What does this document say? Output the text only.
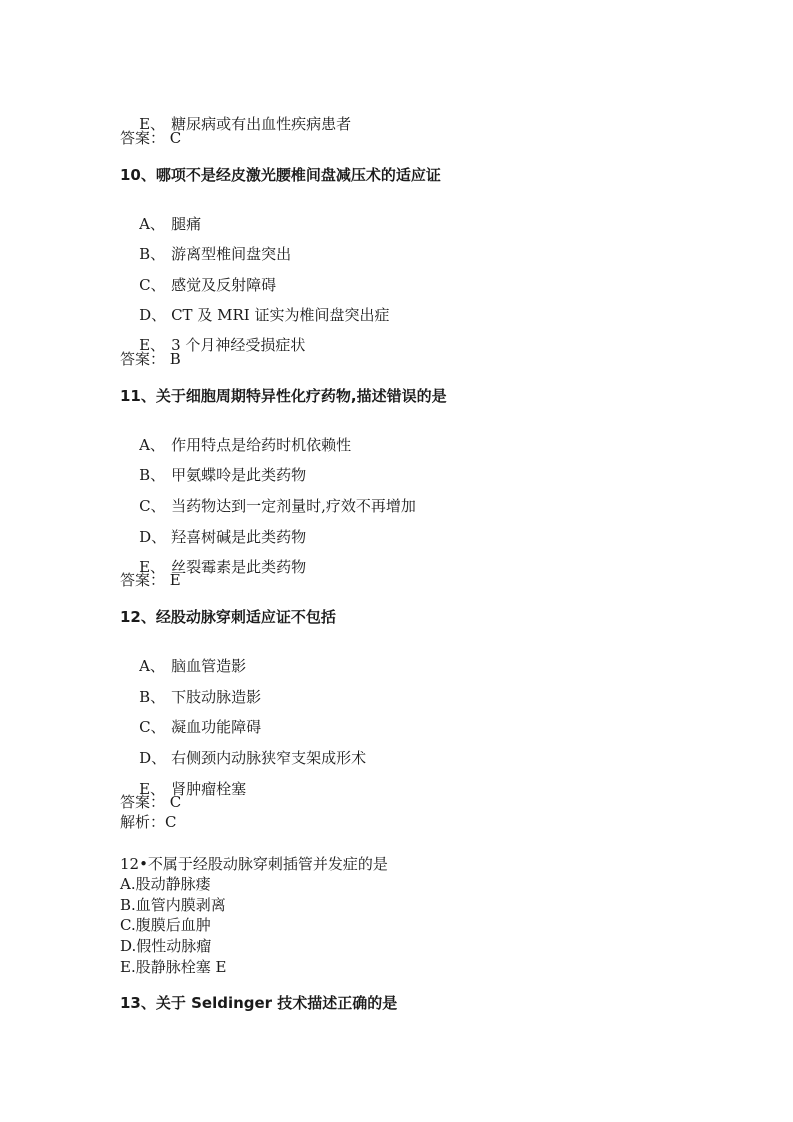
E、 糖尿病或有出血性疾病患者

答案： C
10、哪项不是经皮激光腰椎间盘减压术的适应证

A、 腿痛

B、 游离型椎间盘突出

C、 感觉及反射障碍

D、 CT 及 MRI 证实为椎间盘突出症

E、 3 个月神经受损症状

答案： B
11、关于细胞周期特异性化疗药物,描述错误的是

A、 作用特点是给药时机依赖性

B、 甲氨蝶呤是此类药物

C、 当药物达到一定剂量时,疗效不再增加

D、 羟喜树碱是此类药物

E、 丝裂霉素是此类药物

答案： E
12、经股动脉穿刺适应证不包括

A、 脑血管造影

B、 下肢动脉造影

C、 凝血功能障碍

D、 右侧颈内动脉狭窄支架成形术

E、 肾肿瘤栓塞

答案： C
解析：C
12•不属于经股动脉穿刺插管并发症的是
A.股动静脉瘘
B.血管内膜剥离
C.腹膜后血肿
D.假性动脉瘤
E.股静脉栓塞 E
13、关于 Seldinger 技术描述正确的是
